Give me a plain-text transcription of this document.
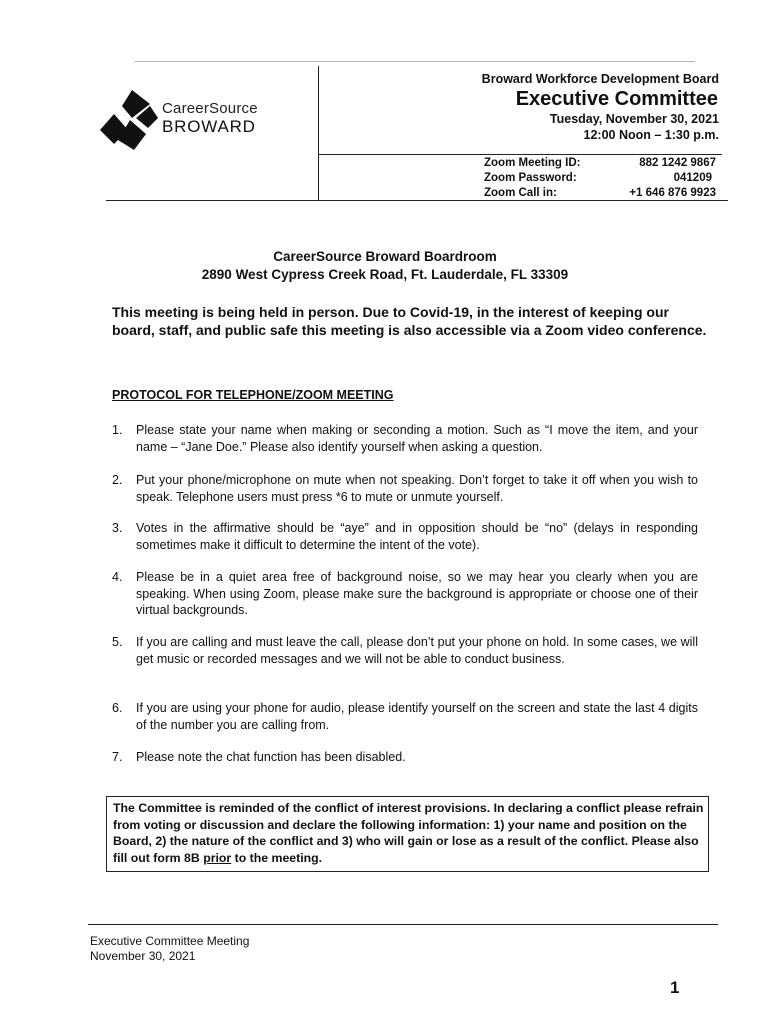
CareerSource
BROWARD
Broward Workforce Development Board
Executive Committee
Tuesday, November 30, 2021
12:00 Noon – 1:30 p.m.
Zoom Meeting ID:	882 1242 9867
Zoom Password:	041209
Zoom Call in:	+1 646 876 9923
CareerSource Broward Boardroom
2890 West Cypress Creek Road, Ft. Lauderdale, FL 33309
This meeting is being held in person. Due to Covid-19, in the interest of keeping our board, staff, and public safe this meeting is also accessible via a Zoom video conference.
PROTOCOL FOR TELEPHONE/ZOOM MEETING
1. Please state your name when making or seconding a motion. Such as “I move the item, and your name – “Jane Doe.” Please also identify yourself when asking a question.
2. Put your phone/microphone on mute when not speaking. Don’t forget to take it off when you wish to speak. Telephone users must press *6 to mute or unmute yourself.
3. Votes in the affirmative should be “aye” and in opposition should be “no” (delays in responding sometimes make it difficult to determine the intent of the vote).
4. Please be in a quiet area free of background noise, so we may hear you clearly when you are speaking. When using Zoom, please make sure the background is appropriate or choose one of their virtual backgrounds.
5. If you are calling and must leave the call, please don’t put your phone on hold. In some cases, we will get music or recorded messages and we will not be able to conduct business.
6. If you are using your phone for audio, please identify yourself on the screen and state the last 4 digits of the number you are calling from.
7. Please note the chat function has been disabled.
The Committee is reminded of the conflict of interest provisions. In declaring a conflict please refrain from voting or discussion and declare the following information: 1) your name and position on the Board, 2) the nature of the conflict and 3) who will gain or lose as a result of the conflict. Please also fill out form 8B prior to the meeting.
Executive Committee Meeting
November 30, 2021
1
